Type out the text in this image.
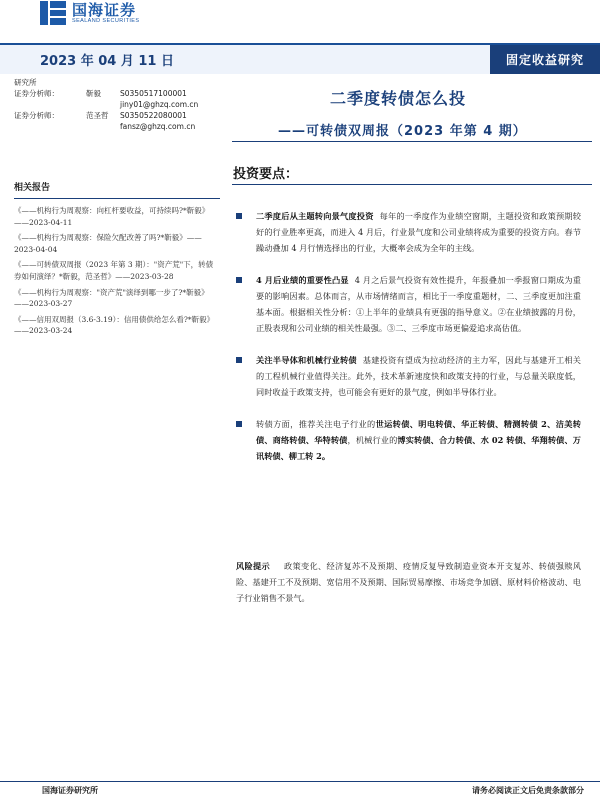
国海证券
SEALAND SECURITIES
2023 年 04 月 11 日	固定收益研究
研究所
证券分析师：	靳毅	S0350517100001
jiny01@ghzq.com.cn
证券分析师：	范圣哲	S0350522080001
fansz@ghzq.com.cn
二季度转债怎么投
——可转债双周报（2023 年第 4 期）
相关报告
《——机构行为周观察：向杠杆要收益，可持续吗?*靳毅》——2023-04-11
《——机构行为周观察：保险欠配改善了吗?*靳毅》——2023-04-04
《——可转债双周报（2023 年第 3 期）："资产荒"下，转债券如何演绎？*靳毅，范圣哲》——2023-03-28
《——机构行为周观察："资产荒"演绎到哪一步了?*靳毅》——2023-03-27
《——信用双周报（3.6-3.19）：信用债供给怎么看?*靳毅》——2023-03-24
投资要点：
二季度后从主题转向景气度投资 每年的一季度作为业绩空窗期，主题投资和政策预期较好的行业胜率更高，而进入 4 月后，行业景气度和公司业绩将成为重要的投资方向。春节躁动叠加 4 月行情选择出的行业，大概率会成为全年的主线。
4 月后业绩的重要性凸显 4 月之后景气投资有效性提升，年报叠加一季报窗口期成为重要的影响因素。总体而言，从市场情绪而言，相比于一季度重题材，二、三季度更加注重基本面。根据相关性分析：①上半年的业绩具有更强的指导意义。②在业绩披露的月份，正股表现和公司业绩的相关性最强。③二、三季度市场更偏爱追求高估值。
关注半导体和机械行业转债 基建投资有望成为拉动经济的主力军，因此与基建开工相关的工程机械行业值得关注。此外，技术革新速度快和政策支持的行业，与总量关联度低，同时收益于政策支持，也可能会有更好的景气度，例如半导体行业。
转债方面，推荐关注电子行业的世运转债、明电转债、华正转债、精测转债 2、洁美转债、商络转债、华特转债，机械行业的博实转债、合力转债、水 02 转债、华翔转债、万讯转债、柳工转 2。
风险提示 政策变化、经济复苏不及预期、疫情反复导致制造业资本开支复苏、转债强赎风险、基建开工不及预期、宽信用不及预期、国际贸易摩擦、市场竞争加剧、原材料价格波动、电子行业销售不景气。
国海证券研究所	请务必阅读正文后免责条款部分
